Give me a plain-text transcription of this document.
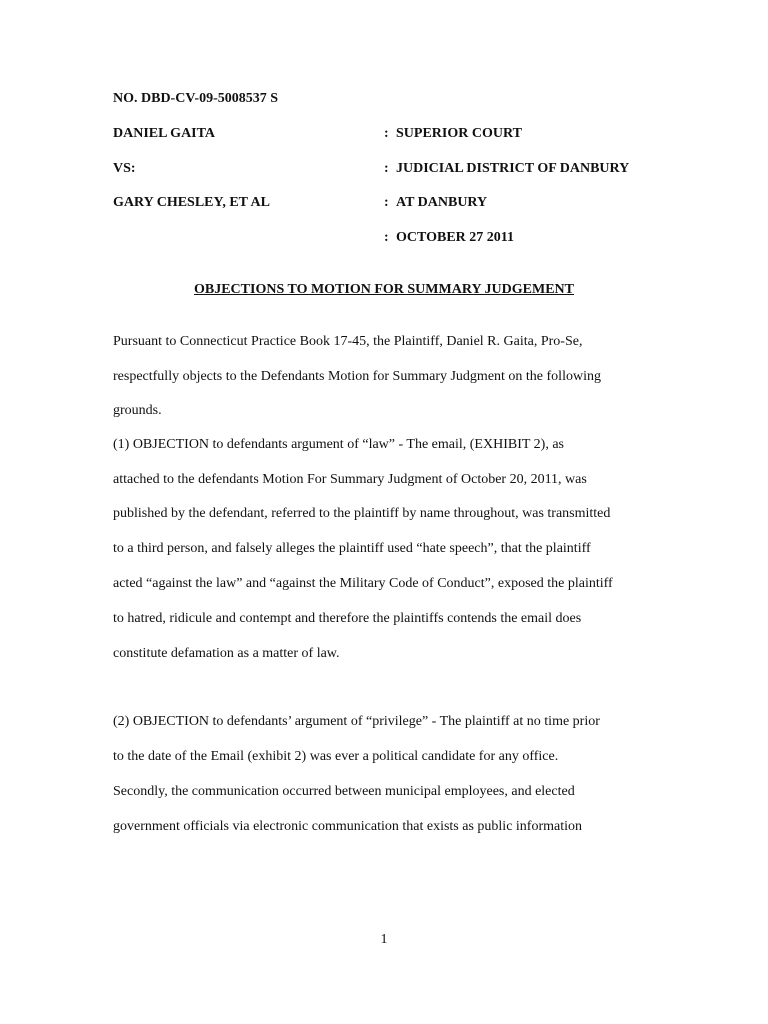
NO. DBD-CV-09-5008537 S
DANIEL GAITA	: SUPERIOR COURT
VS:	: JUDICIAL DISTRICT OF DANBURY
GARY CHESLEY, ET AL	: AT DANBURY
: OCTOBER 27 2011
OBJECTIONS TO MOTION FOR SUMMARY JUDGEMENT
Pursuant to Connecticut Practice Book 17-45, the Plaintiff, Daniel R. Gaita, Pro-Se,
respectfully objects to the Defendants Motion for Summary Judgment on the following
grounds.
(1) OBJECTION to defendants argument of “law” - The email, (EXHIBIT 2), as
attached to the defendants Motion For Summary Judgment of October 20, 2011, was
published by the defendant, referred to the plaintiff by name throughout, was transmitted
to a third person, and falsely alleges the plaintiff used “hate speech”, that the plaintiff
acted “against the law” and “against the Military Code of Conduct”, exposed the plaintiff
to hatred, ridicule and contempt and therefore the plaintiffs contends the email does
constitute defamation as a matter of law.
(2) OBJECTION to defendants’ argument of “privilege” - The plaintiff at no time prior
to the date of the Email (exhibit 2) was ever a political candidate for any office.
Secondly, the communication occurred between municipal employees, and elected
government officials via electronic communication that exists as public information
1
